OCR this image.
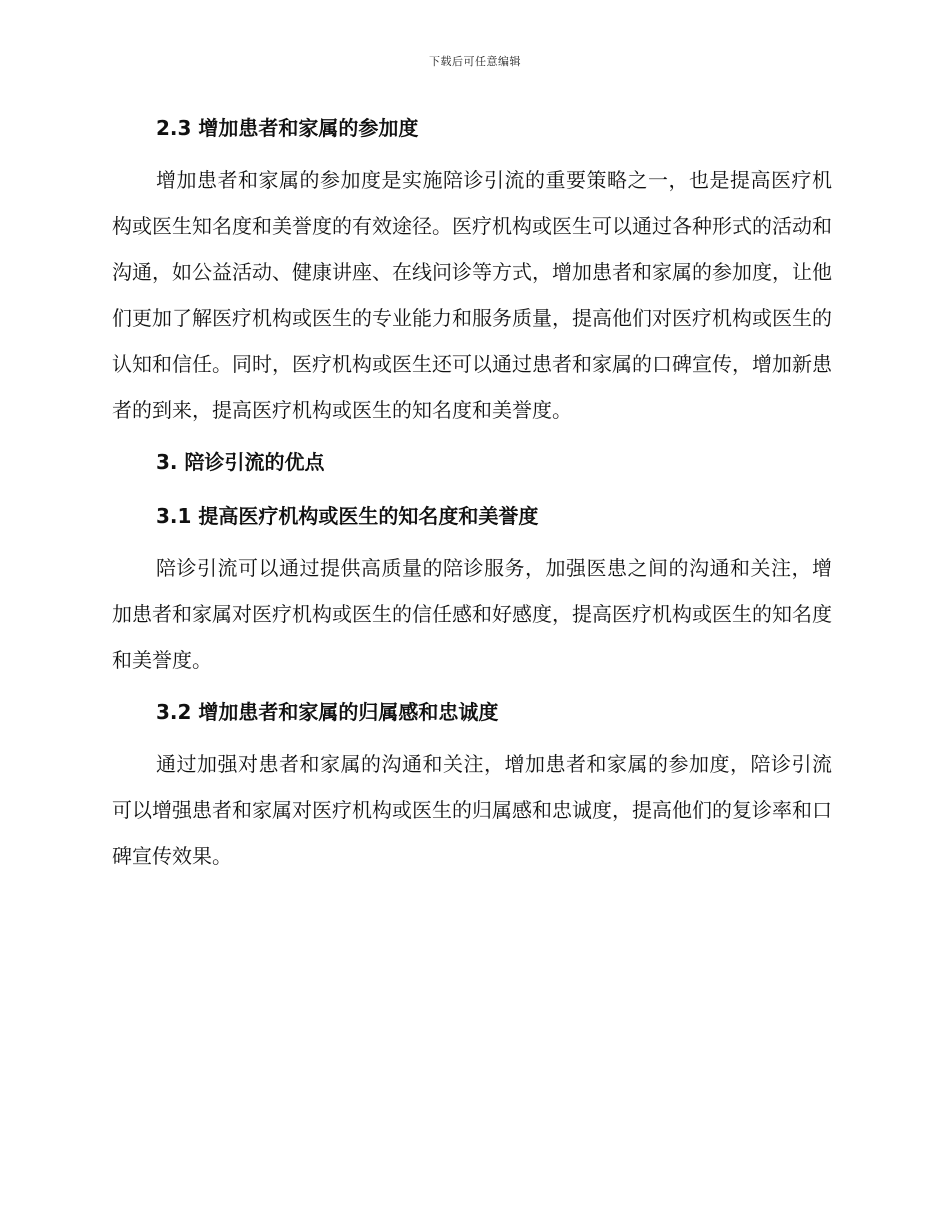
下载后可任意编辑
2.3 增加患者和家属的参加度

增加患者和家属的参加度是实施陪诊引流的重要策略之一，也是提高医疗机构或医生知名度和美誉度的有效途径。医疗机构或医生可以通过各种形式的活动和沟通，如公益活动、健康讲座、在线问诊等方式，增加患者和家属的参加度，让他们更加了解医疗机构或医生的专业能力和服务质量，提高他们对医疗机构或医生的认知和信任。同时，医疗机构或医生还可以通过患者和家属的口碑宣传，增加新患者的到来，提高医疗机构或医生的知名度和美誉度。

3. 陪诊引流的优点
3.1 提高医疗机构或医生的知名度和美誉度

陪诊引流可以通过提供高质量的陪诊服务，加强医患之间的沟通和关注，增加患者和家属对医疗机构或医生的信任感和好感度，提高医疗机构或医生的知名度和美誉度。

3.2 增加患者和家属的归属感和忠诚度

通过加强对患者和家属的沟通和关注，增加患者和家属的参加度，陪诊引流可以增强患者和家属对医疗机构或医生的归属感和忠诚度，提高他们的复诊率和口碑宣传效果。
